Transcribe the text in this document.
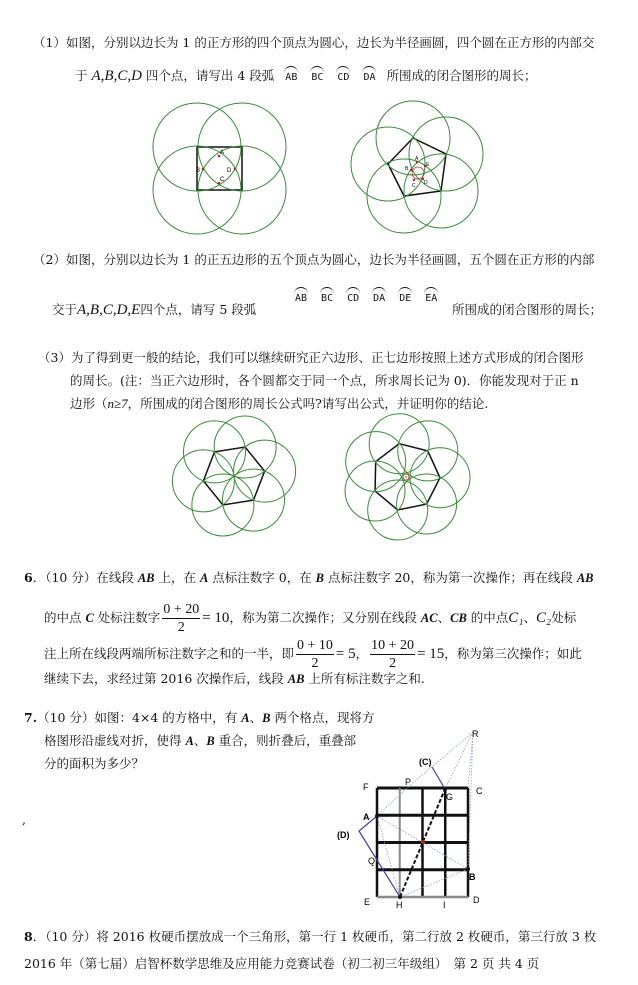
（1）如图，分别以边长为 1 的正方形的四个顶点为圆心，边长为半径画圆，四个圆在正方形的内部交
于 A,B,C,D 四个点，请写出 4 段弧 AB BC CD DA 所围成的闭合图形的周长；
A
B
C
D
A
B
C D
E
R
(C)
P
F	C
G
A
(D)
Q
B
E	H	I	D
（2）如图，分别以边长为 1 的正五边形的五个顶点为圆心，边长为半径画圆，五个圆在正方形的内部
AB BC CD DA DE EA
交于A,B,C,D,E四个点，请写 5 段弧	所围成的闭合图形的周长；
（3）为了得到更一般的结论，我们可以继续研究正六边形、正七边形按照上述方式形成的闭合图形
的周长。(注：当正六边形时，各个圆都交于同一个点，所求周长记为 0)．你能发现对于正 n
边形（n≥7，所围成的闭合图形的周长公式吗?请写出公式，并证明你的结论.
6．（10 分）在线段 AB 上，在 A 点标注数字 0，在 B 点标注数字 20，称为第一次操作；再在线段 AB
的中点 C 处标注数字 $\frac{0 + 20}{2} = 10$，称为第二次操作；又分别在线段 AC、CB 的中点C₁、C₂处标
注上所在线段两端所标注数字之和的一半，即 $\frac{0 + 10}{2} = 5$， $\frac{10 + 20}{2} = 15$，称为第三次操作；如此
继续下去，求经过第 2016 次操作后，线段 AB 上所有标注数字之和.
7.（10 分）如图：4×4 的方格中，有 A、B 两个格点，现将方
格图形沿虚线对折，使得 A、B 重合，则折叠后，重叠部
分的面积为多少？
,
8．（10 分）将 2016 枚硬币摆放成一个三角形，第一行 1 枚硬币，第二行放 2 枚硬币，第三行放 3 枚
2016 年（第七届）启智杯数学思维及应用能力竞赛试卷（初二初三年级组）　第 2 页 共 4 页
